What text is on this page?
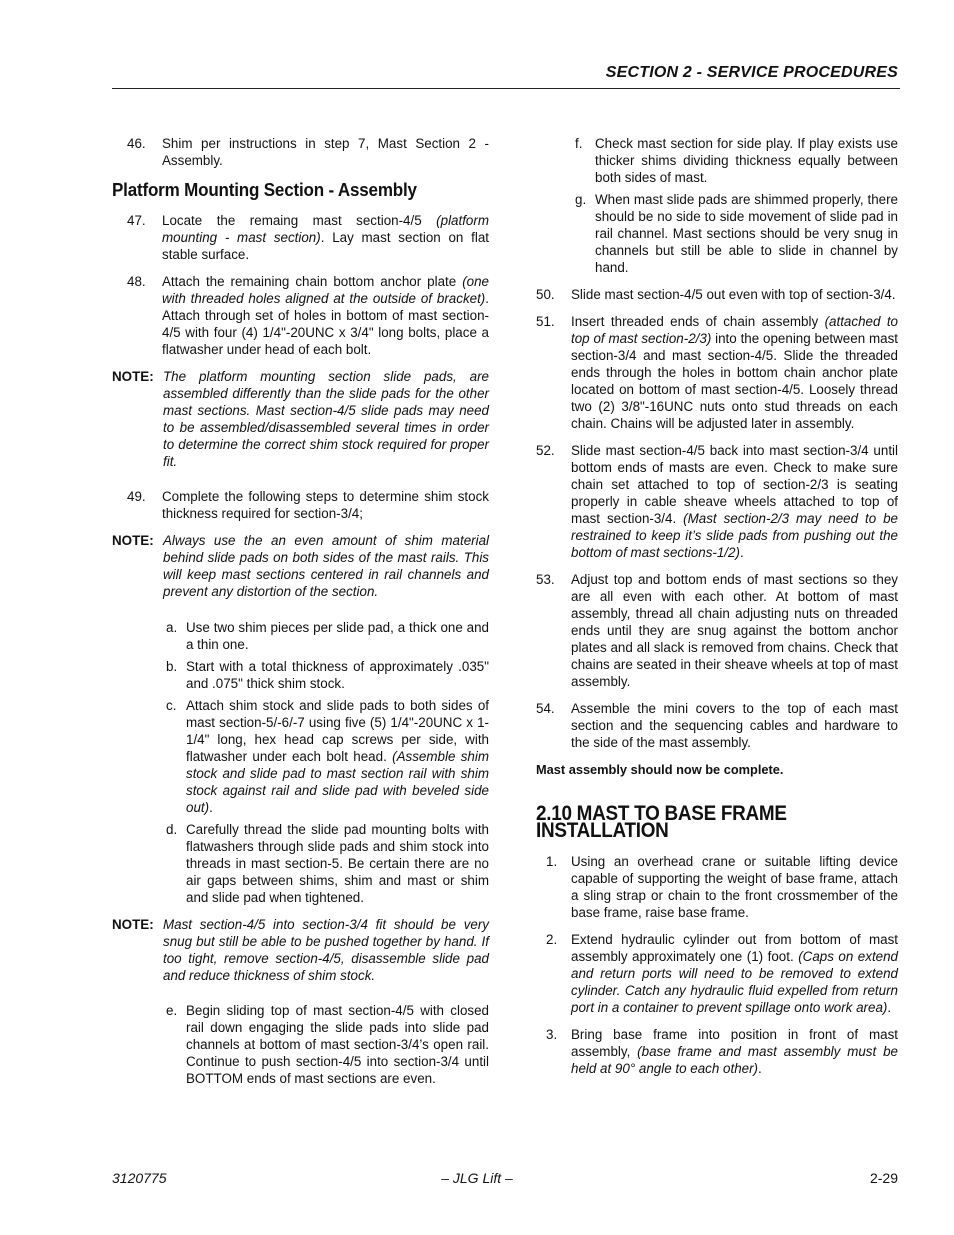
SECTION 2 - SERVICE PROCEDURES
46. Shim per instructions in step 7, Mast Section 2 - Assembly.
Platform Mounting Section - Assembly
47. Locate the remaing mast section-4/5 (platform mounting - mast section). Lay mast section on flat stable surface.
48. Attach the remaining chain bottom anchor plate (one with threaded holes aligned at the outside of bracket). Attach through set of holes in bottom of mast section-4/5 with four (4) 1/4"-20UNC x 3/4" long bolts, place a flatwasher under head of each bolt.
NOTE: The platform mounting section slide pads, are assembled differently than the slide pads for the other mast sections. Mast section-4/5 slide pads may need to be assembled/disassembled several times in order to determine the correct shim stock required for proper fit.
49. Complete the following steps to determine shim stock thickness required for section-3/4;
NOTE: Always use the an even amount of shim material behind slide pads on both sides of the mast rails. This will keep mast sections centered in rail channels and prevent any distortion of the section.
a. Use two shim pieces per slide pad, a thick one and a thin one.
b. Start with a total thickness of approximately .035" and .075" thick shim stock.
c. Attach shim stock and slide pads to both sides of mast section-5/-6/-7 using five (5) 1/4"-20UNC x 1-1/4" long, hex head cap screws per side, with flatwasher under each bolt head. (Assemble shim stock and slide pad to mast section rail with shim stock against rail and slide pad with beveled side out).
d. Carefully thread the slide pad mounting bolts with flatwashers through slide pads and shim stock into threads in mast section-5. Be certain there are no air gaps between shims, shim and mast or shim and slide pad when tightened.
NOTE: Mast section-4/5 into section-3/4 fit should be very snug but still be able to be pushed together by hand. If too tight, remove section-4/5, disassemble slide pad and reduce thickness of shim stock.
e. Begin sliding top of mast section-4/5 with closed rail down engaging the slide pads into slide pad channels at bottom of mast section-3/4’s open rail. Continue to push section-4/5 into section-3/4 until BOTTOM ends of mast sections are even.
f. Check mast section for side play. If play exists use thicker shims dividing thickness equally between both sides of mast.
g. When mast slide pads are shimmed properly, there should be no side to side movement of slide pad in rail channel. Mast sections should be very snug in channels but still be able to slide in channel by hand.
50. Slide mast section-4/5 out even with top of section-3/4.
51. Insert threaded ends of chain assembly (attached to top of mast section-2/3) into the opening between mast section-3/4 and mast section-4/5. Slide the threaded ends through the holes in bottom chain anchor plate located on bottom of mast section-4/5. Loosely thread two (2) 3/8"-16UNC nuts onto stud threads on each chain. Chains will be adjusted later in assembly.
52. Slide mast section-4/5 back into mast section-3/4 until bottom ends of masts are even. Check to make sure chain set attached to top of section-2/3 is seating properly in cable sheave wheels attached to top of mast section-3/4. (Mast section-2/3 may need to be restrained to keep it’s slide pads from pushing out the bottom of mast sections-1/2).
53. Adjust top and bottom ends of mast sections so they are all even with each other. At bottom of mast assembly, thread all chain adjusting nuts on threaded ends until they are snug against the bottom anchor plates and all slack is removed from chains. Check that chains are seated in their sheave wheels at top of mast assembly.
54. Assemble the mini covers to the top of each mast section and the sequencing cables and hardware to the side of the mast assembly.

Mast assembly should now be complete.

2.10 MAST TO BASE FRAME INSTALLATION
1. Using an overhead crane or suitable lifting device capable of supporting the weight of base frame, attach a sling strap or chain to the front crossmember of the base frame, raise base frame.
2. Extend hydraulic cylinder out from bottom of mast assembly approximately one (1) foot. (Caps on extend and return ports will need to be removed to extend cylinder. Catch any hydraulic fluid expelled from return port in a container to prevent spillage onto work area).
3. Bring base frame into position in front of mast assembly, (base frame and mast assembly must be held at 90° angle to each other).
3120775	– JLG Lift –	2-29
